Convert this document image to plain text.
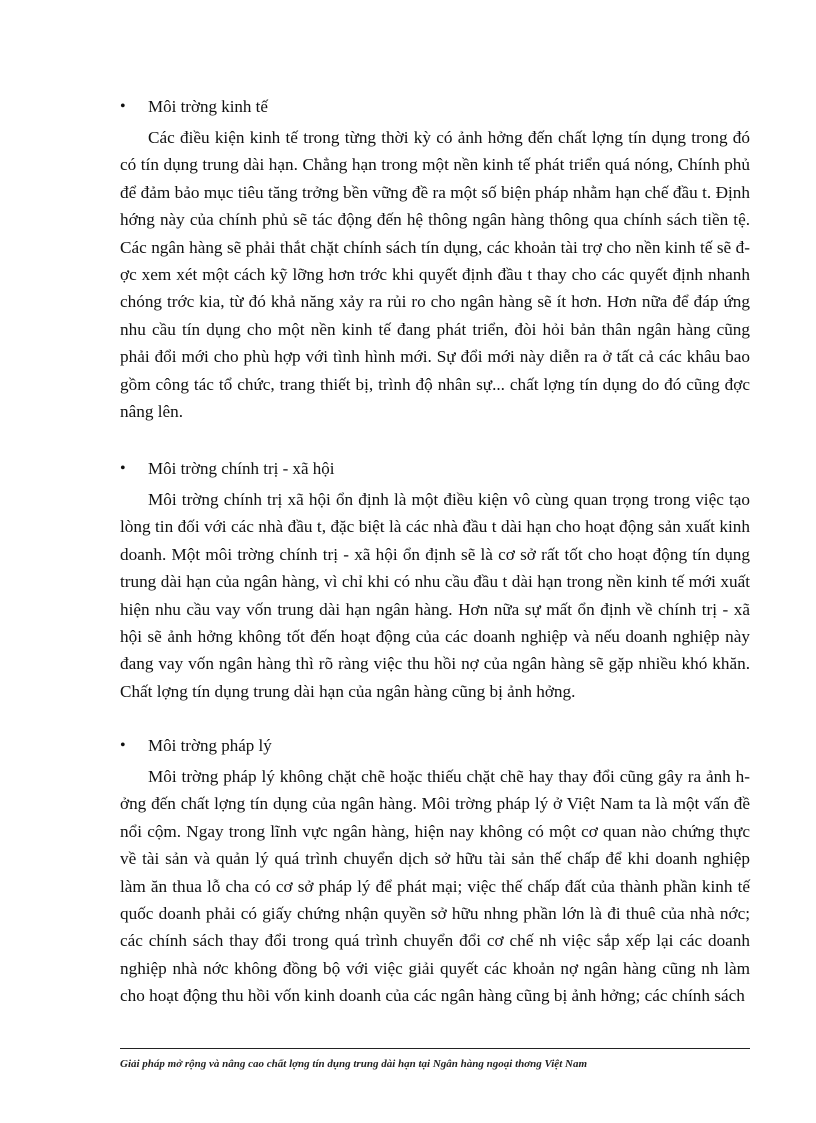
• Môi trờng kinh tế

Các điều kiện kinh tế trong từng thời kỳ có ảnh hởng đến chất lợng tín dụng trong đó có tín dụng trung dài hạn. Chẳng hạn trong một nền kinh tế phát triển quá nóng, Chính phủ để đảm bảo mục tiêu tăng trởng bền vững đề ra một số biện pháp nhằm hạn chế đầu t. Định hớng này của chính phủ sẽ tác động đến hệ thông ngân hàng thông qua chính sách tiền tệ. Các ngân hàng sẽ phải thắt chặt chính sách tín dụng, các khoản tài trợ cho nền kinh tế sẽ đợc xem xét một cách kỹ lỡng hơn trớc khi quyết định đầu t thay cho các quyết định nhanh chóng trớc kia, từ đó khả năng xảy ra rủi ro cho ngân hàng sẽ ít hơn. Hơn nữa để đáp ứng nhu cầu tín dụng cho một nền kinh tế đang phát triển, đòi hỏi bản thân ngân hàng cũng phải đổi mới cho phù hợp với tình hình mới. Sự đổi mới này diễn ra ở tất cả các khâu bao gồm công tác tổ chức, trang thiết bị, trình độ nhân sự... chất lợng tín dụng do đó cũng đợc nâng lên.

• Môi trờng chính trị - xã hội

Môi trờng chính trị xã hội ổn định là một điều kiện vô cùng quan trọng trong việc tạo lòng tin đối với các nhà đầu t, đặc biệt là các nhà đầu t dài hạn cho hoạt động sản xuất kinh doanh. Một môi trờng chính trị - xã hội ổn định sẽ là cơ sở rất tốt cho hoạt động tín dụng trung dài hạn của ngân hàng, vì chỉ khi có nhu cầu đầu t dài hạn trong nền kinh tế mới xuất hiện nhu cầu vay vốn trung dài hạn ngân hàng. Hơn nữa sự mất ổn định về chính trị - xã hội sẽ ảnh hởng không tốt đến hoạt động của các doanh nghiệp và nếu doanh nghiệp này đang vay vốn ngân hàng thì rõ ràng việc thu hồi nợ của ngân hàng sẽ gặp nhiều khó khăn. Chất lợng tín dụng trung dài hạn của ngân hàng cũng bị ảnh hởng.

• Môi trờng pháp lý

Môi trờng pháp lý không chặt chẽ hoặc thiếu chặt chẽ hay thay đổi cũng gây ra ảnh hởng đến chất lợng tín dụng của ngân hàng. Môi trờng pháp lý ở Việt Nam ta là một vấn đề nổi cộm. Ngay trong lĩnh vực ngân hàng, hiện nay không có một cơ quan nào chứng thực về tài sản và quản lý quá trình chuyển dịch sở hữu tài sản thế chấp để khi doanh nghiệp làm ăn thua lỗ cha có cơ sở pháp lý để phát mại; việc thế chấp đất của thành phần kinh tế quốc doanh phải có giấy chứng nhận quyền sở hữu nhng phần lớn là đi thuê của nhà nớc; các chính sách thay đổi trong quá trình chuyển đổi cơ chế nh việc sắp xếp lại các doanh nghiệp nhà nớc không đồng bộ với việc giải quyết các khoản nợ ngân hàng cũng nh làm cho hoạt động thu hồi vốn kinh doanh của các ngân hàng cũng bị ảnh hởng; các chính sách

Giải pháp mở rộng và nâng cao chất lợng tín dụng trung dài hạn tại Ngân hàng ngoại thơng Việt Nam
